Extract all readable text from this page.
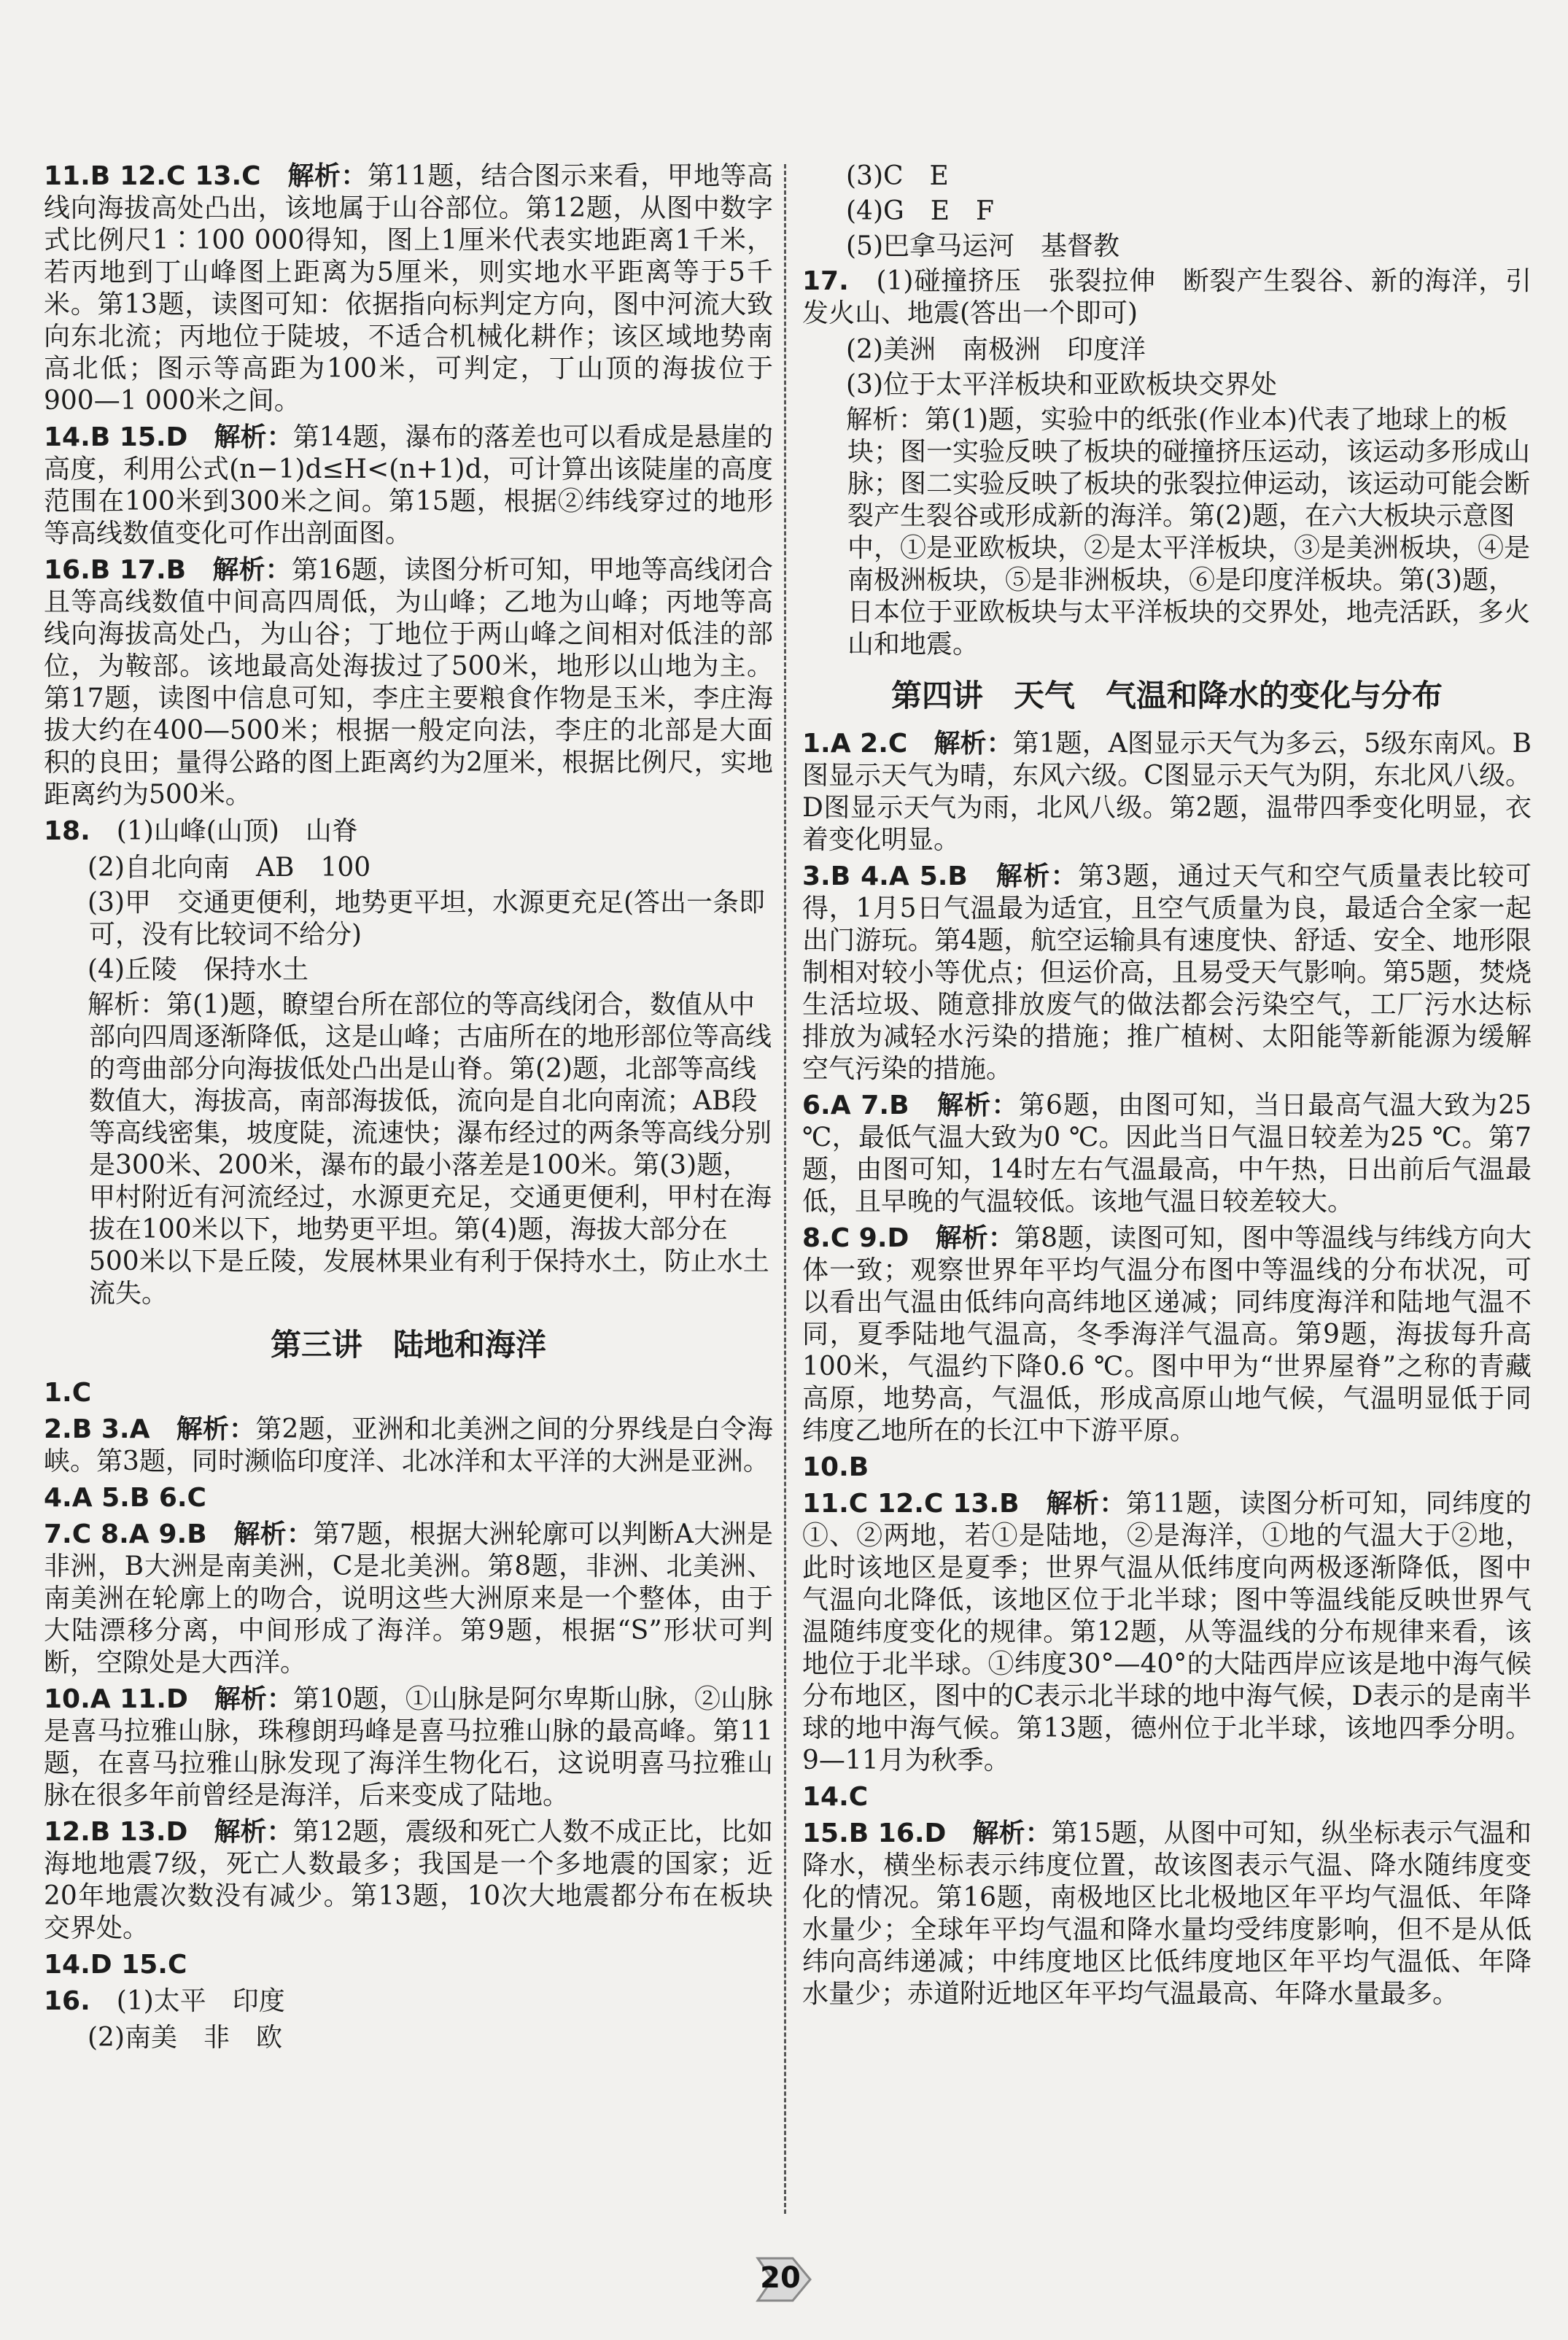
11.B 12.C 13.C　 解析：第11题，结合图示来看，甲地等高线向海拔高处凸出，该地属于山谷部位。第12题，从图中数字式比例尺1∶100 000得知，图上1厘米代表实地距离1千米，若丙地到丁山峰图上距离为5厘米，则实地水平距离等于5千米。第13题，读图可知：依据指向标判定方向，图中河流大致向东北流；丙地位于陡坡，不适合机械化耕作；该区域地势南高北低；图示等高距为100米，可判定，丁山顶的海拔位于900—1 000米之间。

14.B 15.D　 解析：第14题，瀑布的落差也可以看成是悬崖的高度，利用公式(n−1)d≤H<(n+1)d，可计算出该陡崖的高度范围在100米到300米之间。第15题，根据②纬线穿过的地形等高线数值变化可作出剖面图。

16.B 17.B　 解析：第16题，读图分析可知，甲地等高线闭合且等高线数值中间高四周低，为山峰；乙地为山峰；丙地等高线向海拔高处凸，为山谷；丁地位于两山峰之间相对低洼的部位，为鞍部。该地最高处海拔过了500米，地形以山地为主。第17题，读图中信息可知，李庄主要粮食作物是玉米，李庄海拔大约在400—500米；根据一般定向法，李庄的北部是大面积的良田；量得公路的图上距离约为2厘米，根据比例尺，实地距离约为500米。

18.　 (1)山峰(山顶)　山脊

(2)自北向南　AB　100

(3)甲　交通更便利，地势更平坦，水源更充足(答出一条即可，没有比较词不给分)

(4)丘陵　保持水土

解析：第(1)题，瞭望台所在部位的等高线闭合，数值从中部向四周逐渐降低，这是山峰；古庙所在的地形部位等高线的弯曲部分向海拔低处凸出是山脊。第(2)题，北部等高线数值大，海拔高，南部海拔低，流向是自北向南流；AB段等高线密集，坡度陡，流速快；瀑布经过的两条等高线分别是300米、200米，瀑布的最小落差是100米。第(3)题，甲村附近有河流经过，水源更充足，交通更便利，甲村在海拔在100米以下，地势更平坦。第(4)题，海拔大部分在500米以下是丘陵，发展林果业有利于保持水土，防止水土流失。

第三讲　陆地和海洋

1.C　

2.B 3.A　 解析：第2题，亚洲和北美洲之间的分界线是白令海峡。第3题，同时濒临印度洋、北冰洋和太平洋的大洲是亚洲。

4.A 5.B 6.C　

7.C 8.A 9.B　 解析：第7题，根据大洲轮廓可以判断A大洲是非洲，B大洲是南美洲，C是北美洲。第8题，非洲、北美洲、南美洲在轮廓上的吻合，说明这些大洲原来是一个整体，由于大陆漂移分离，中间形成了海洋。第9题，根据“S”形状可判断，空隙处是大西洋。

10.A 11.D　 解析：第10题，①山脉是阿尔卑斯山脉，②山脉是喜马拉雅山脉，珠穆朗玛峰是喜马拉雅山脉的最高峰。第11题，在喜马拉雅山脉发现了海洋生物化石，这说明喜马拉雅山脉在很多年前曾经是海洋，后来变成了陆地。

12.B 13.D　 解析：第12题，震级和死亡人数不成正比，比如海地地震7级，死亡人数最多；我国是一个多地震的国家；近20年地震次数没有减少。第13题，10次大地震都分布在板块交界处。

14.D 15.C　

16.　 (1)太平　印度

(2)南美　非　欧

(3)C　E

(4)G　E　F

(5)巴拿马运河　基督教

17.　 (1)碰撞挤压　张裂拉伸　断裂产生裂谷、新的海洋，引发火山、地震(答出一个即可)

(2)美洲　南极洲　印度洋

(3)位于太平洋板块和亚欧板块交界处

解析：第(1)题，实验中的纸张(作业本)代表了地球上的板块；图一实验反映了板块的碰撞挤压运动，该运动多形成山脉；图二实验反映了板块的张裂拉伸运动，该运动可能会断裂产生裂谷或形成新的海洋。第(2)题，在六大板块示意图中，①是亚欧板块，②是太平洋板块，③是美洲板块，④是南极洲板块，⑤是非洲板块，⑥是印度洋板块。第(3)题，日本位于亚欧板块与太平洋板块的交界处，地壳活跃，多火山和地震。

第四讲　天气　气温和降水的变化与分布

1.A 2.C　 解析：第1题，A图显示天气为多云，5级东南风。B图显示天气为晴，东风六级。C图显示天气为阴，东北风八级。D图显示天气为雨，北风八级。第2题，温带四季变化明显，衣着变化明显。

3.B 4.A 5.B　 解析：第3题，通过天气和空气质量表比较可得，1月5日气温最为适宜，且空气质量为良，最适合全家一起出门游玩。第4题，航空运输具有速度快、舒适、安全、地形限制相对较小等优点；但运价高，且易受天气影响。第5题，焚烧生活垃圾、随意排放废气的做法都会污染空气，工厂污水达标排放为减轻水污染的措施；推广植树、太阳能等新能源为缓解空气污染的措施。

6.A 7.B　 解析：第6题，由图可知，当日最高气温大致为25 ℃，最低气温大致为0 ℃。因此当日气温日较差为25 ℃。第7题，由图可知，14时左右气温最高，中午热，日出前后气温最低，且早晚的气温较低。该地气温日较差较大。

8.C 9.D　 解析：第8题，读图可知，图中等温线与纬线方向大体一致；观察世界年平均气温分布图中等温线的分布状况，可以看出气温由低纬向高纬地区递减；同纬度海洋和陆地气温不同，夏季陆地气温高，冬季海洋气温高。第9题，海拔每升高100米，气温约下降0.6 ℃。图中甲为“世界屋脊”之称的青藏高原，地势高，气温低，形成高原山地气候，气温明显低于同纬度乙地所在的长江中下游平原。

10.B　

11.C 12.C 13.B　 解析：第11题，读图分析可知，同纬度的①、②两地，若①是陆地，②是海洋，①地的气温大于②地，此时该地区是夏季；世界气温从低纬度向两极逐渐降低，图中气温向北降低，该地区位于北半球；图中等温线能反映世界气温随纬度变化的规律。第12题，从等温线的分布规律来看，该地位于北半球。①纬度30°—40°的大陆西岸应该是地中海气候分布地区，图中的C表示北半球的地中海气候，D表示的是南半球的地中海气候。第13题，德州位于北半球，该地四季分明。9—11月为秋季。

14.C　

15.B 16.D　 解析：第15题，从图中可知，纵坐标表示气温和降水，横坐标表示纬度位置，故该图表示气温、降水随纬度变化的情况。第16题，南极地区比北极地区年平均气温低、年降水量少；全球年平均气温和降水量均受纬度影响，但不是从低纬向高纬递减；中纬度地区比低纬度地区年平均气温低、年降水量少；赤道附近地区年平均气温最高、年降水量最多。

20
